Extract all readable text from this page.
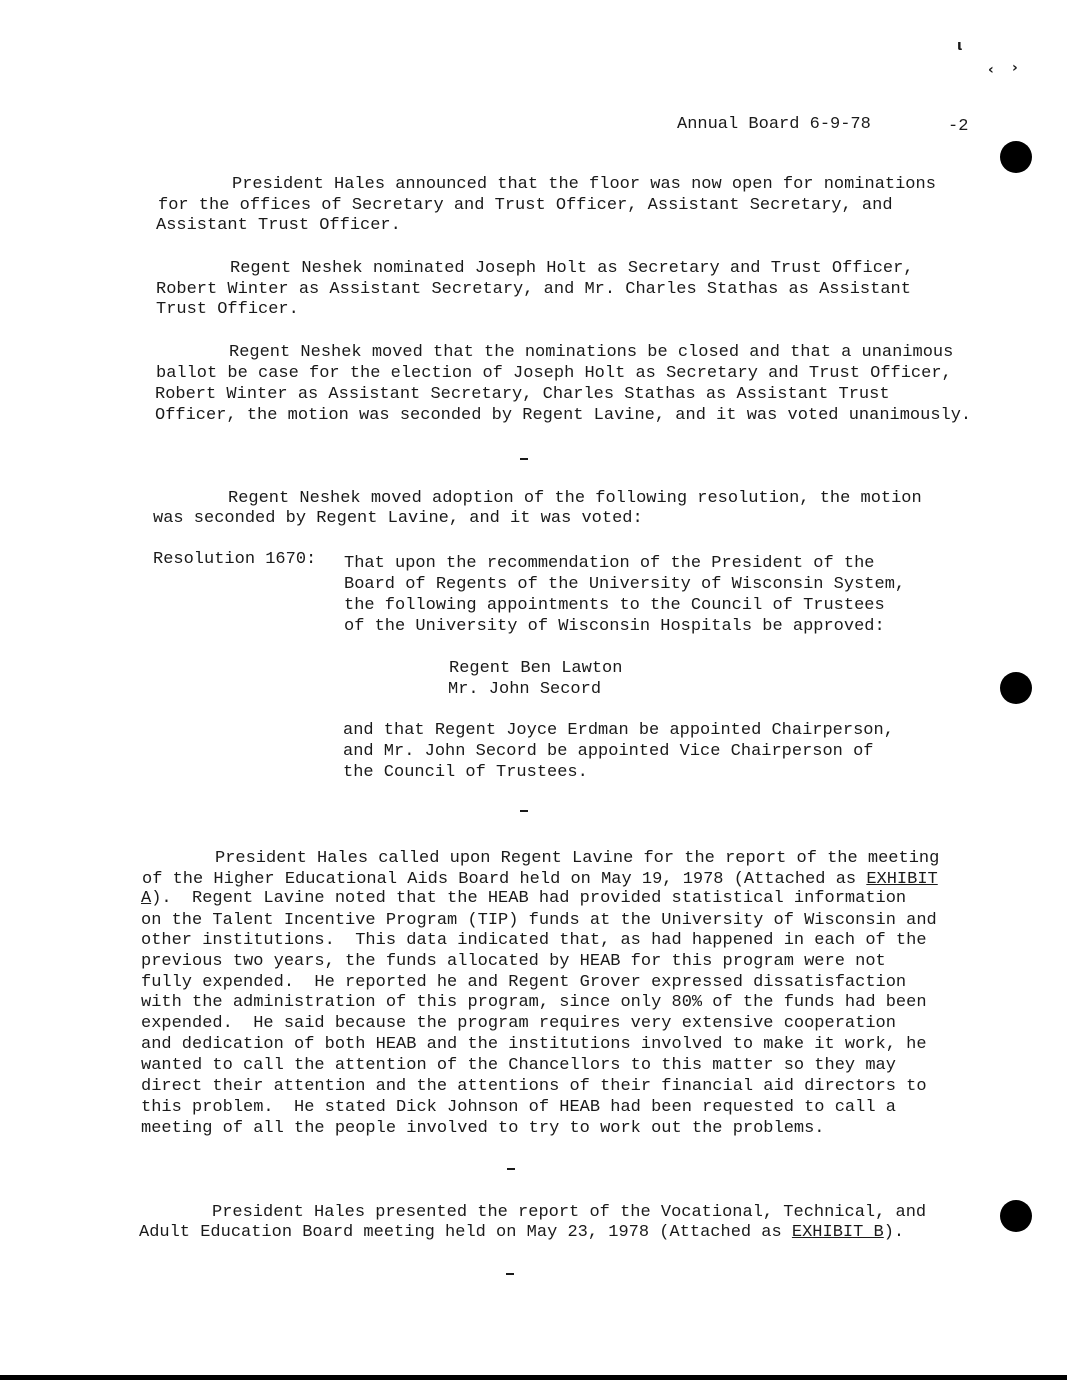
ι
‹ ›
Annual Board 6-9-78	-2
President Hales announced that the floor was now open for nominations
for the offices of Secretary and Trust Officer, Assistant Secretary, and
Assistant Trust Officer.
Regent Neshek nominated Joseph Holt as Secretary and Trust Officer,
Robert Winter as Assistant Secretary, and Mr. Charles Stathas as Assistant
Trust Officer.
Regent Neshek moved that the nominations be closed and that a unanimous
ballot be case for the election of Joseph Holt as Secretary and Trust Officer,
Robert Winter as Assistant Secretary, Charles Stathas as Assistant Trust
Officer, the motion was seconded by Regent Lavine, and it was voted unanimously.
Regent Neshek moved adoption of the following resolution, the motion
was seconded by Regent Lavine, and it was voted:
Resolution 1670: That upon the recommendation of the President of the
Board of Regents of the University of Wisconsin System,
the following appointments to the Council of Trustees
of the University of Wisconsin Hospitals be approved:
Regent Ben Lawton
Mr. John Secord
and that Regent Joyce Erdman be appointed Chairperson,
and Mr. John Secord be appointed Vice Chairperson of
the Council of Trustees.
President Hales called upon Regent Lavine for the report of the meeting
of the Higher Educational Aids Board held on May 19, 1978 (Attached as EXHIBIT
A).  Regent Lavine noted that the HEAB had provided statistical information
on the Talent Incentive Program (TIP) funds at the University of Wisconsin and
other institutions.  This data indicated that, as had happened in each of the
previous two years, the funds allocated by HEAB for this program were not
fully expended.  He reported he and Regent Grover expressed dissatisfaction
with the administration of this program, since only 80% of the funds had been
expended.  He said because the program requires very extensive cooperation
and dedication of both HEAB and the institutions involved to make it work, he
wanted to call the attention of the Chancellors to this matter so they may
direct their attention and the attentions of their financial aid directors to
this problem.  He stated Dick Johnson of HEAB had been requested to call a
meeting of all the people involved to try to work out the problems.
President Hales presented the report of the Vocational, Technical, and
Adult Education Board meeting held on May 23, 1978 (Attached as EXHIBIT B).
